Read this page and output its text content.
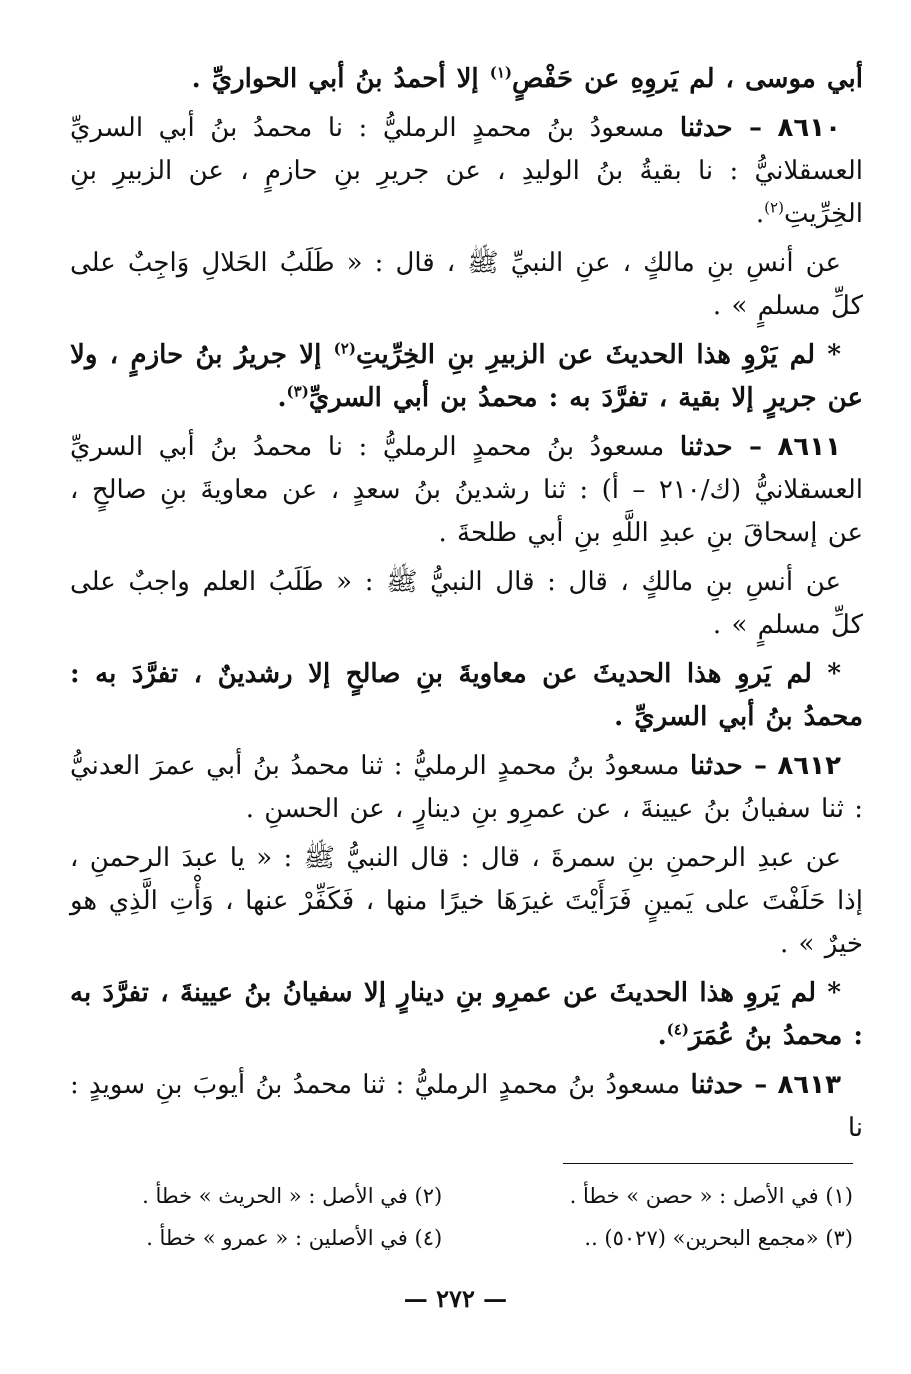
أبي موسى ، لم يَروِهِ عن حَفْصٍ$^{(١)}$ إلا أحمدُ بنُ أبي الحواريِّ .

٨٦١٠ – حدثنا مسعودُ بنُ محمدٍ الرمليُّ : نا محمدُ بنُ أبي السريِّ العسقلانيُّ : نا بقيةُ بنُ الوليدِ ، عن جريرِ بنِ حازمٍ ، عن الزبيرِ بنِ الخِرِّيتِ$^{(٢)}$.

عن أنسِ بنِ مالكٍ ، عنِ النبيِّ ﷺ ، قال : « طَلَبُ الحَلالِ وَاجِبٌ على كلِّ مسلمٍ » .

* لم يَرْوِ هذا الحديثَ عن الزبيرِ بنِ الخِرِّيتِ$^{(٢)}$ إلا جريرُ بنُ حازمٍ ، ولا عن جريرٍ إلا بقية ، تفرَّدَ به : محمدُ بن أبي السريِّ$^{(٣)}$.

٨٦١١ – حدثنا مسعودُ بنُ محمدٍ الرمليُّ : نا محمدُ بنُ أبي السريِّ العسقلانيُّ (ك/٢١٠ – أ) : ثنا رشدينُ بنُ سعدٍ ، عن معاويةَ بنِ صالحٍ ، عن إسحاقَ بنِ عبدِ اللَّهِ بنِ أبي طلحةَ .

عن أنسِ بنِ مالكٍ ، قال : قال النبيُّ ﷺ : « طَلَبُ العلم واجبٌ على كلِّ مسلمٍ » .

* لم يَروِ هذا الحديثَ عن معاويةَ بنِ صالحٍ إلا رشدينٌ ، تفرَّدَ به : محمدُ بنُ أبي السريِّ .

٨٦١٢ – حدثنا مسعودُ بنُ محمدٍ الرمليُّ : ثنا محمدُ بنُ أبي عمرَ العدنيُّ : ثنا سفيانُ بنُ عيينةَ ، عن عمرِو بنِ دينارٍ ، عن الحسنِ .

عن عبدِ الرحمنِ بنِ سمرةَ ، قال : قال النبيُّ ﷺ : « يا عبدَ الرحمنِ ، إذا حَلَفْتَ على يَمينٍ فَرَأَيْتَ غيرَهَا خيرًا منها ، فَكَفِّرْ عنها ، وَأْتِ الَّذِي هو خيرٌ » .

* لم يَروِ هذا الحديثَ عن عمرِو بنِ دينارٍ إلا سفيانُ بنُ عيينةَ ، تفرَّدَ به : محمدُ بنُ عُمَرَ$^{(٤)}$.

٨٦١٣ – حدثنا مسعودُ بنُ محمدٍ الرمليُّ : ثنا محمدُ بنُ أيوبَ بنِ سويدٍ : نا

(١) في الأصل : « حصن » خطأ .
(٢) في الأصل : « الحريث » خطأ .
(٣) «مجمع البحرين» (٥٠٢٧) ..
(٤) في الأصلين : « عمرو » خطأ .
— ٢٧٢ —
